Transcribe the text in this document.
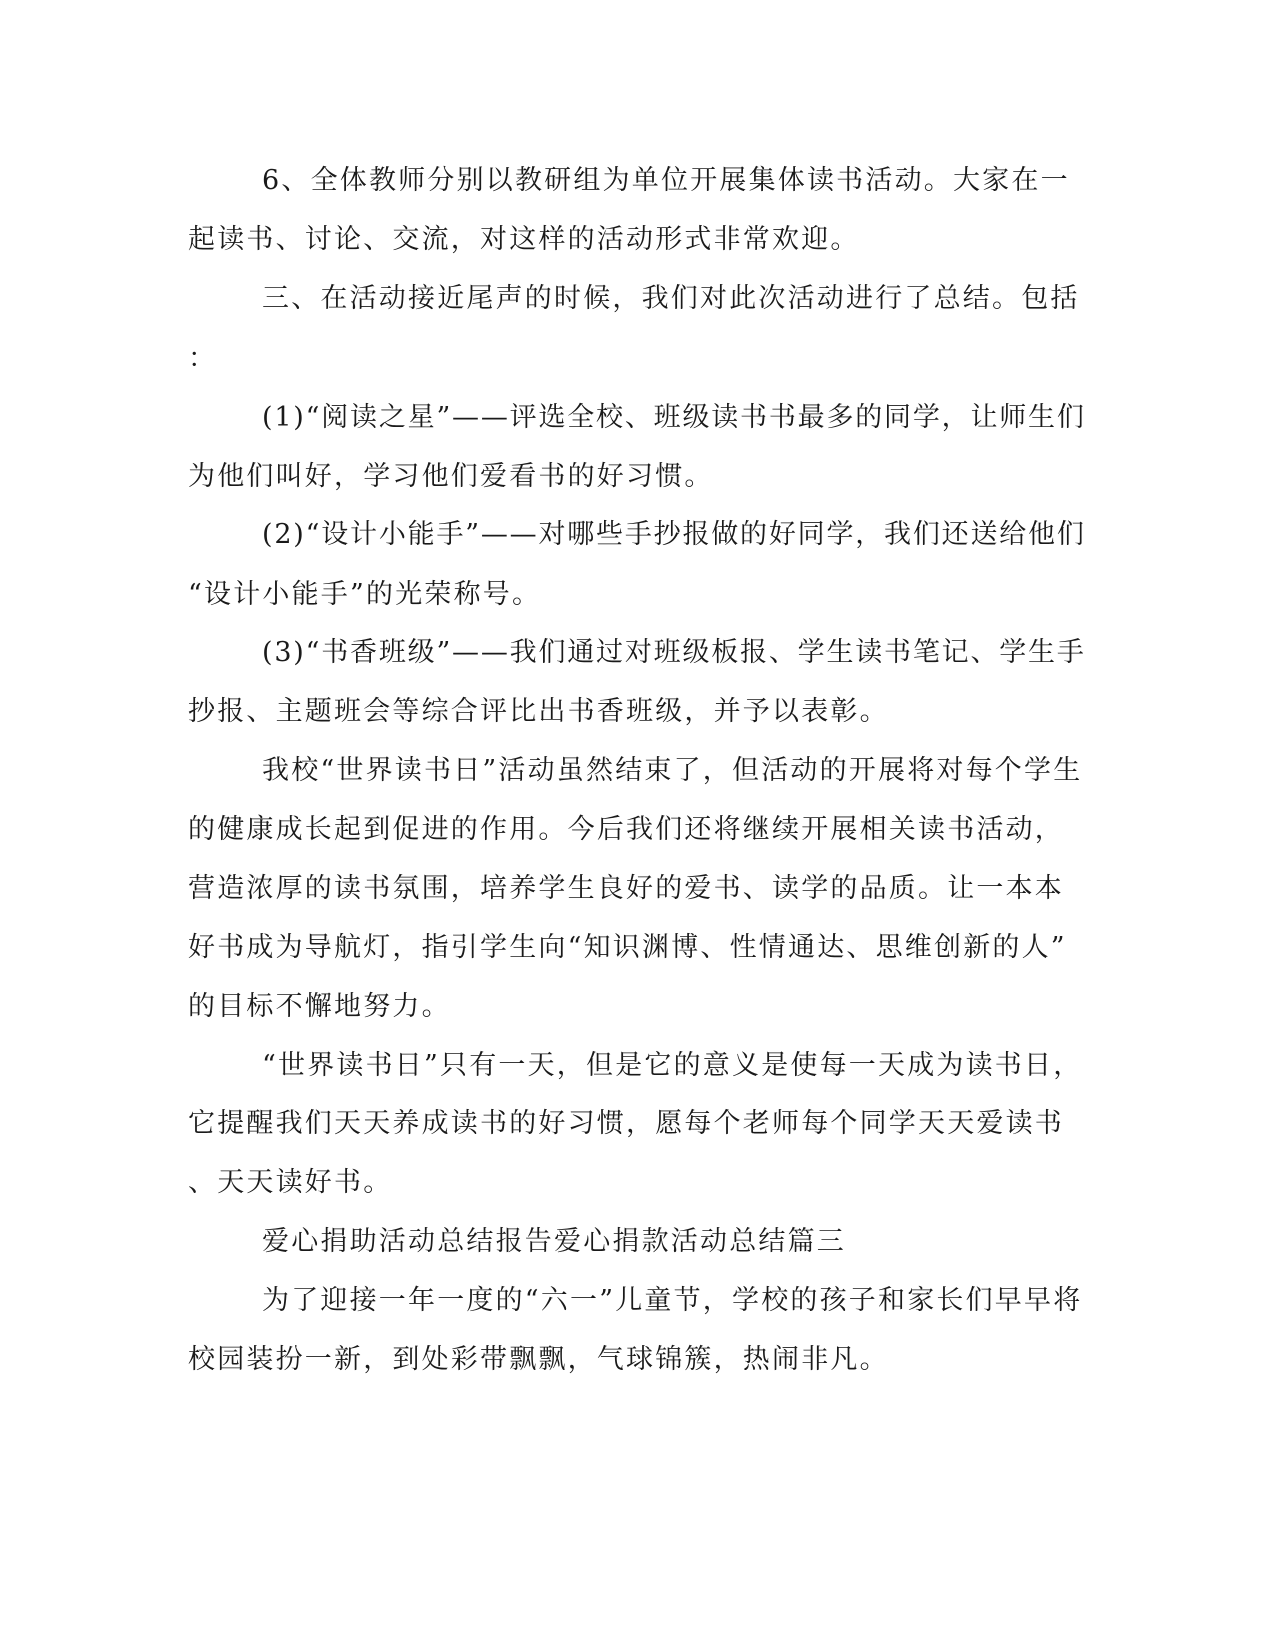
6、全体教师分别以教研组为单位开展集体读书活动。大家在一
起读书、讨论、交流，对这样的活动形式非常欢迎。
三、在活动接近尾声的时候，我们对此次活动进行了总结。包括
：
(1)“阅读之星”——评选全校、班级读书书最多的同学，让师生们
为他们叫好，学习他们爱看书的好习惯。
(2)“设计小能手”——对哪些手抄报做的好同学，我们还送给他们
“设计小能手”的光荣称号。
(3)“书香班级”——我们通过对班级板报、学生读书笔记、学生手
抄报、主题班会等综合评比出书香班级，并予以表彰。
我校“世界读书日”活动虽然结束了，但活动的开展将对每个学生
的健康成长起到促进的作用。今后我们还将继续开展相关读书活动，
营造浓厚的读书氛围，培养学生良好的爱书、读学的品质。让一本本
好书成为导航灯，指引学生向“知识渊博、性情通达、思维创新的人”
的目标不懈地努力。
“世界读书日”只有一天，但是它的意义是使每一天成为读书日，
它提醒我们天天养成读书的好习惯，愿每个老师每个同学天天爱读书
、天天读好书。
爱心捐助活动总结报告爱心捐款活动总结篇三
为了迎接一年一度的“六一”儿童节，学校的孩子和家长们早早将
校园装扮一新，到处彩带飘飘，气球锦簇，热闹非凡。
